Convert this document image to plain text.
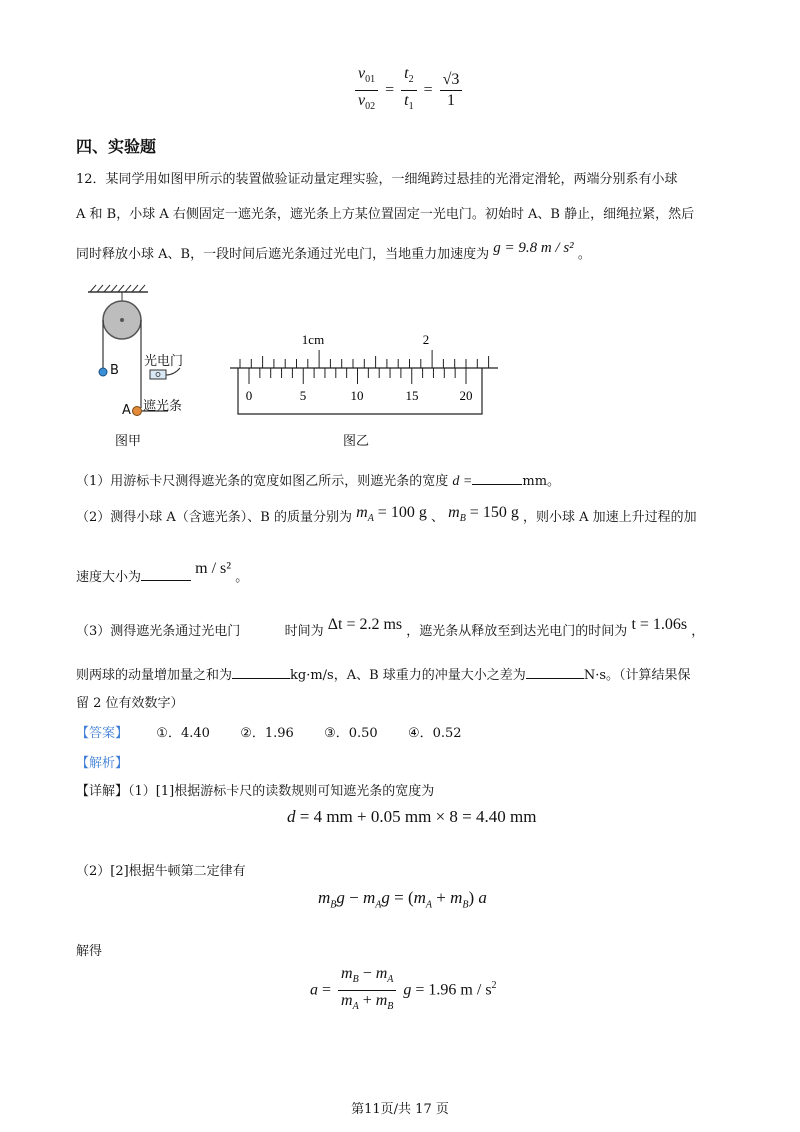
$\frac{v_{01}}{v_{02}} = \frac{t_2}{t_1} = \frac{√3}{1}$
四、实验题
12．某同学用如图甲所示的装置做验证动量定理实验，一细绳跨过悬挂的光滑定滑轮，两端分别系有小球
A 和 B，小球 A 右侧固定一遮光条，遮光条上方某位置固定一光电门。初始时 A、B 静止，细绳拉紧，然后
同时释放小球 A、B，一段时间后遮光条通过光电门，当地重力加速度为 g = 9.8 m / s² 。
B
光电门
A 遮光条
图甲
1cm	2
0	5	10	15	20
图乙
（1）用游标卡尺测得遮光条的宽度如图乙所示，则遮光条的宽度 d =	mm。
（2）测得小球 A（含遮光条）、B 的质量分别为 $m_A = 100$ g 、 $m_B = 150$ g ，则小球 A 加速上升过程的加
速度大小为 m / s² 。
（3）测得遮光条通过光电门	时间为 Δt = 2.2 ms ，遮光条从释放至到达光电门的时间为 t = 1.06s ，
则两球的动量增加量之和为	kg·m/s，A、B 球重力的冲量大小之差为	N·s。（计算结果保
留 2 位有效数字）
【答案】 ①．4.40 ②．1.96 ③．0.50 ④．0.52
【解析】
【详解】（1）[1]根据游标卡尺的读数规则可知遮光条的宽度为
d = 4 mm + 0.05 mm × 8 = 4.40 mm
（2）[2]根据牛顿第二定律有
$m_Bg - m_Ag = (m_A + m_B)$ a
解得
$a = \frac{m_B - m_A}{m_A + m_B}$ g = 1.96 m / $s^2$
第11页/共 17 页
